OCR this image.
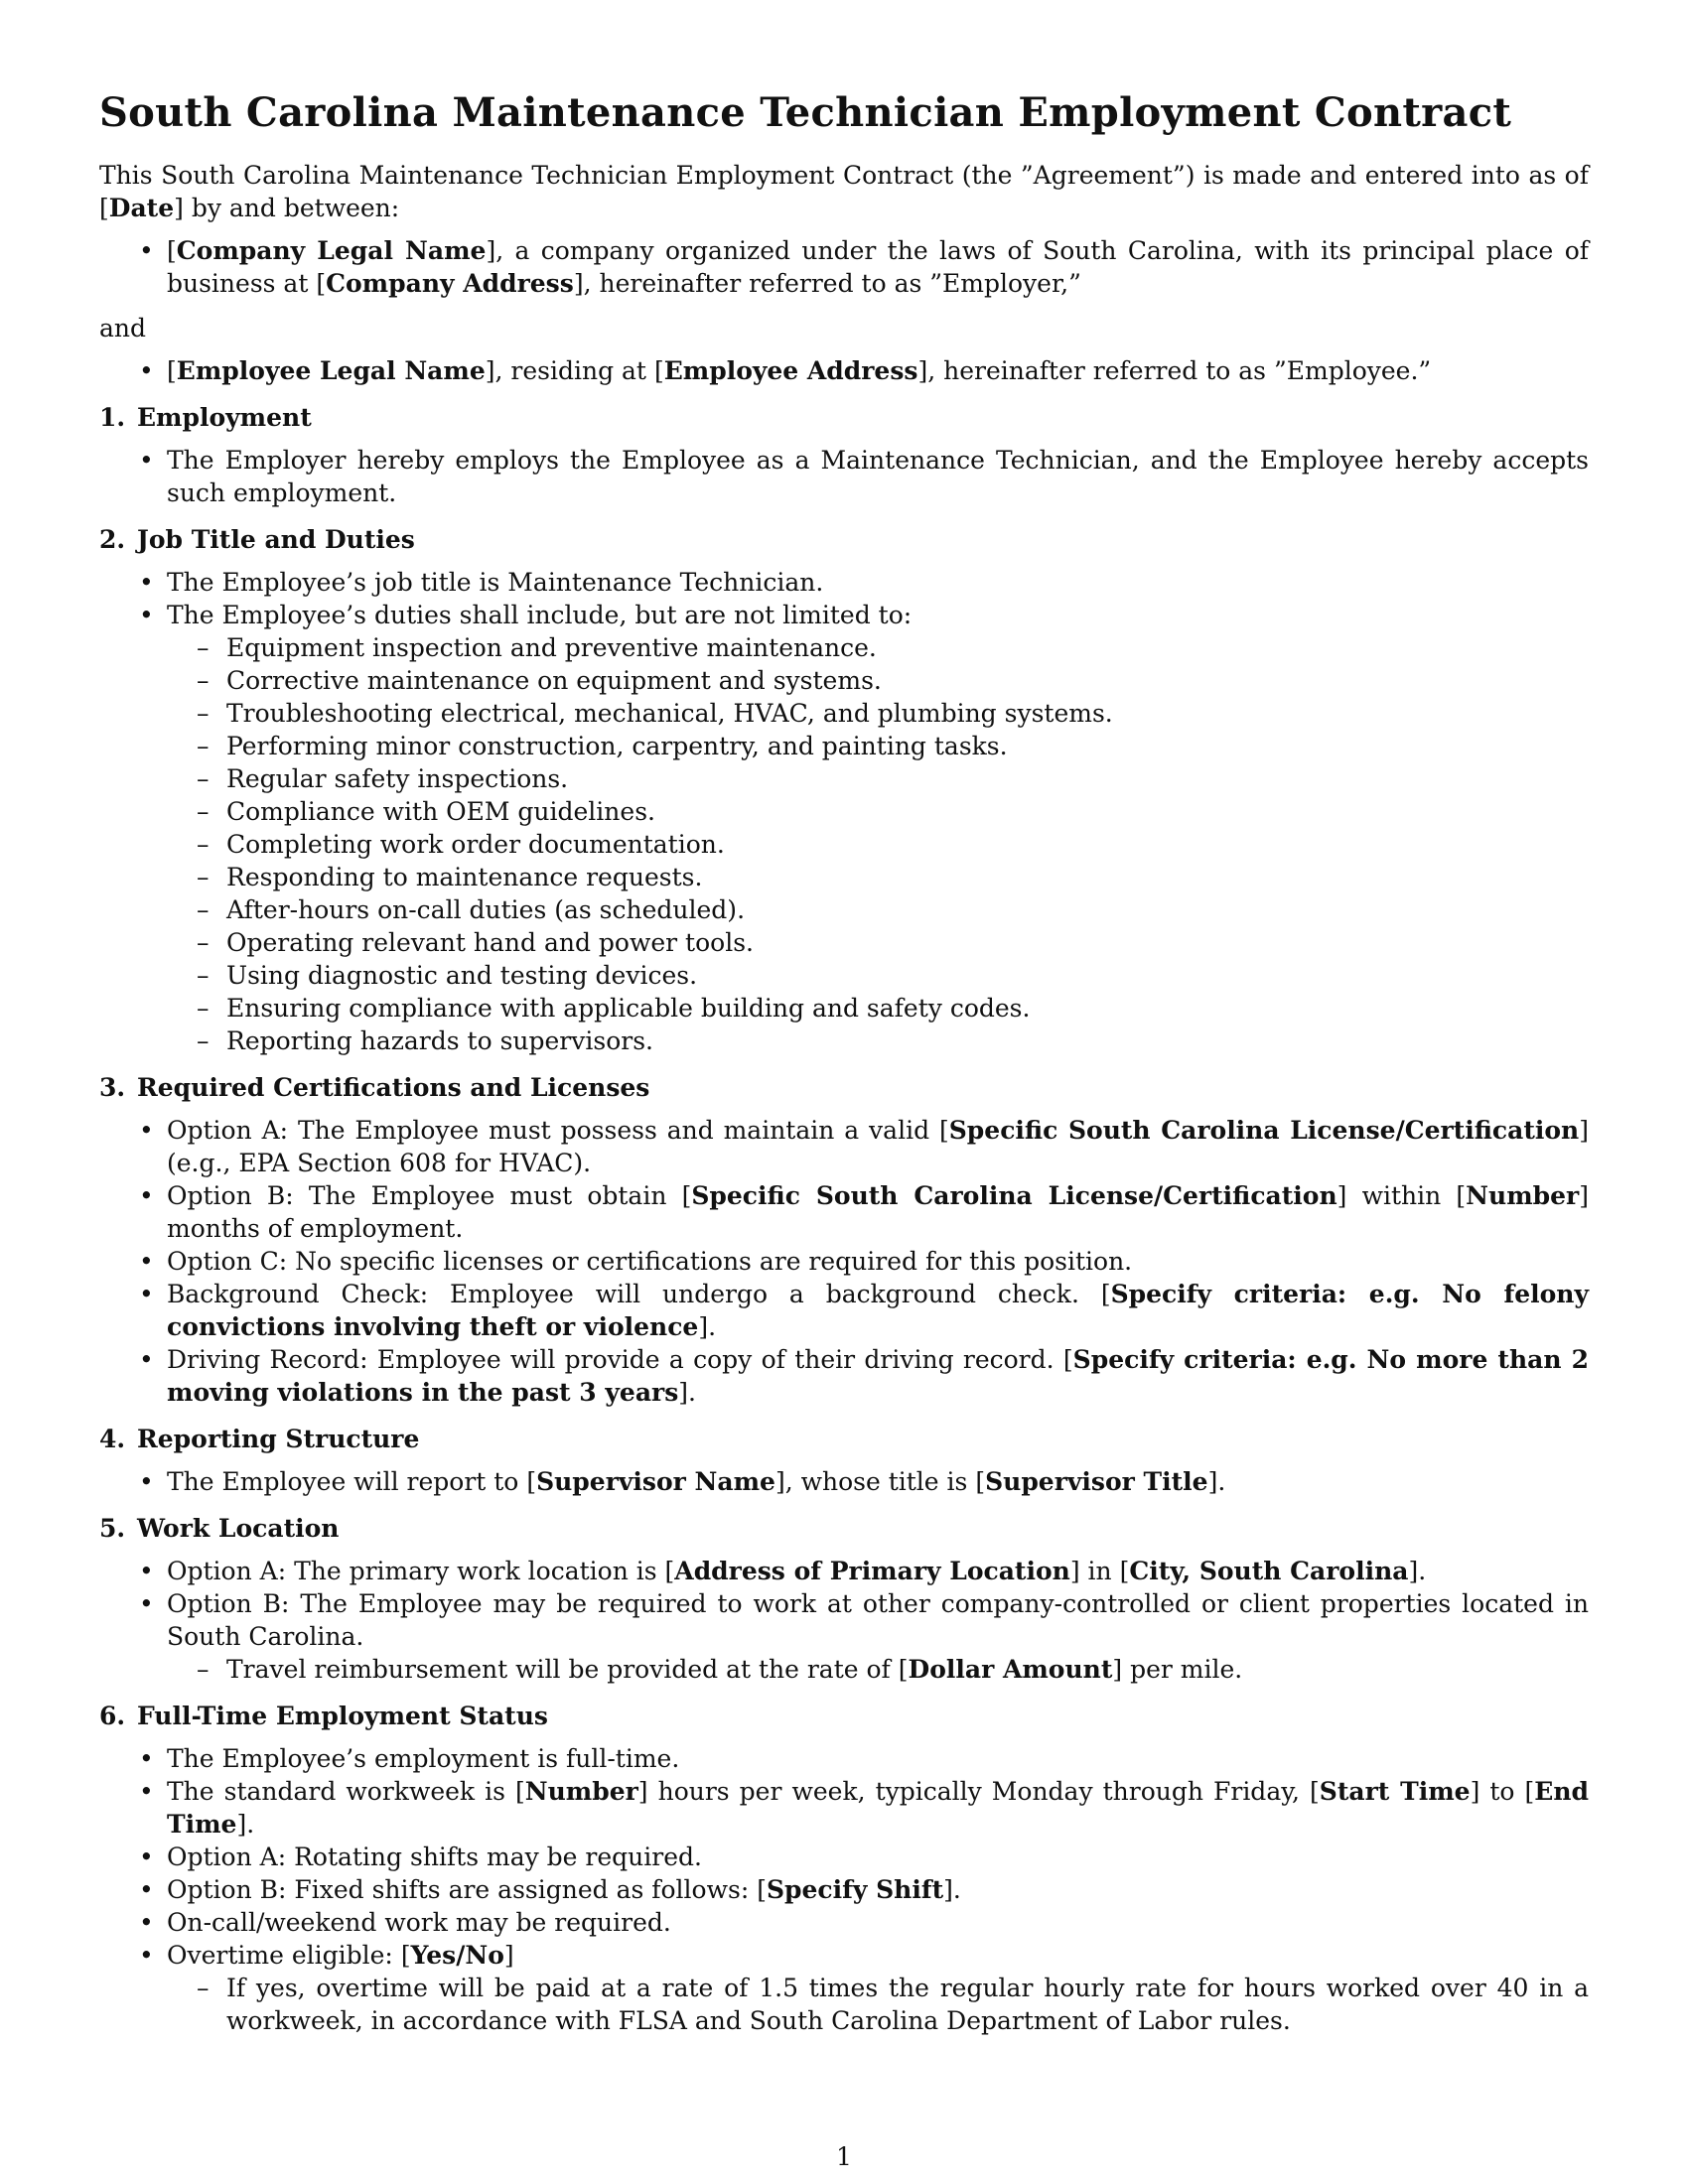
South Carolina Maintenance Technician Employment Contract

This South Carolina Maintenance Technician Employment Contract (the ”Agreement”) is made and entered into as of [Date] by and between:

• [Company Legal Name], a company organized under the laws of South Carolina, with its principal place of business at [Company Address], hereinafter referred to as ”Employer,”

and

• [Employee Legal Name], residing at [Employee Address], hereinafter referred to as ”Employee.”
1. Employment
• The Employer hereby employs the Employee as a Maintenance Technician, and the Employee hereby accepts such employment.
2. Job Title and Duties
• The Employee’s job title is Maintenance Technician.
• The Employee’s duties shall include, but are not limited to:
– Equipment inspection and preventive maintenance.
– Corrective maintenance on equipment and systems.
– Troubleshooting electrical, mechanical, HVAC, and plumbing systems.
– Performing minor construction, carpentry, and painting tasks.
– Regular safety inspections.
– Compliance with OEM guidelines.
– Completing work order documentation.
– Responding to maintenance requests.
– After-hours on-call duties (as scheduled).
– Operating relevant hand and power tools.
– Using diagnostic and testing devices.
– Ensuring compliance with applicable building and safety codes.
– Reporting hazards to supervisors.
3. Required Certifications and Licenses
• Option A: The Employee must possess and maintain a valid [Specific South Carolina License/Certification] (e.g., EPA Section 608 for HVAC).
• Option B: The Employee must obtain [Specific South Carolina License/Certification] within [Number] months of employment.
• Option C: No specific licenses or certifications are required for this position.
• Background Check: Employee will undergo a background check. [Specify criteria: e.g. No felony convictions involving theft or violence].
• Driving Record: Employee will provide a copy of their driving record. [Specify criteria: e.g. No more than 2 moving violations in the past 3 years].
4. Reporting Structure
• The Employee will report to [Supervisor Name], whose title is [Supervisor Title].
5. Work Location
• Option A: The primary work location is [Address of Primary Location] in [City, South Carolina].
• Option B: The Employee may be required to work at other company-controlled or client properties located in South Carolina.
– Travel reimbursement will be provided at the rate of [Dollar Amount] per mile.
6. Full-Time Employment Status
• The Employee’s employment is full-time.
• The standard workweek is [Number] hours per week, typically Monday through Friday, [Start Time] to [End Time].
• Option A: Rotating shifts may be required.
• Option B: Fixed shifts are assigned as follows: [Specify Shift].
• On-call/weekend work may be required.
• Overtime eligible: [Yes/No]
– If yes, overtime will be paid at a rate of 1.5 times the regular hourly rate for hours worked over 40 in a workweek, in accordance with FLSA and South Carolina Department of Labor rules.
1
